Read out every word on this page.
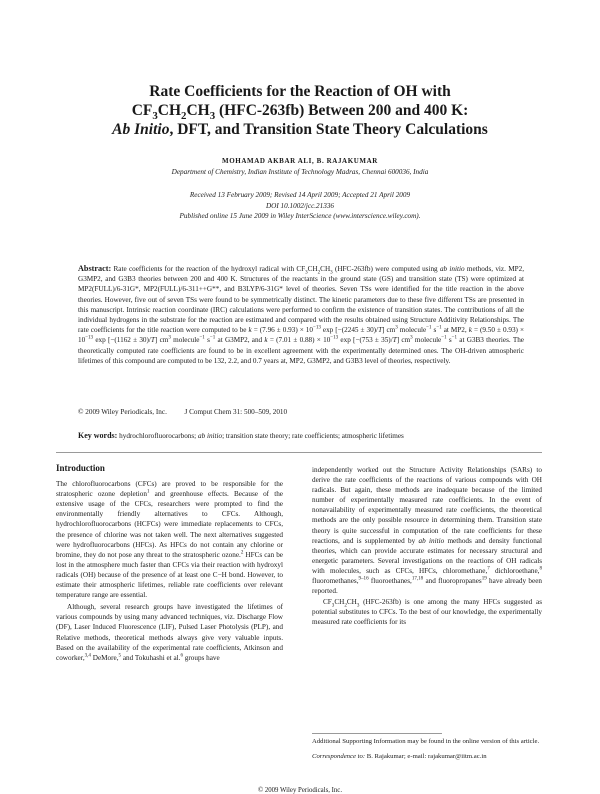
Rate Coefficients for the Reaction of OH with
$CF_3CH_2CH_3$ (HFC-263fb) Between 200 and 400 K:
Ab Initio, DFT, and Transition State Theory Calculations
MOHAMAD AKBAR ALI, B. RAJAKUMAR
Department of Chemistry, Indian Institute of Technology Madras, Chennai 600036, India
Received 13 February 2009; Revised 14 April 2009; Accepted 21 April 2009
DOI 10.1002/jcc.21336
Published online 15 June 2009 in Wiley InterScience (www.interscience.wiley.com).
Abstract: Rate coefficients for the reaction of the hydroxyl radical with $CF_3CH_2CH_3$ (HFC-263fb) were computed using ab initio methods, viz. MP2, G3MP2, and G3B3 theories between 200 and 400 K. Structures of the reactants in the ground state (GS) and transition state (TS) were optimized at MP2(FULL)/6-31G*, MP2(FULL)/6-311++G**, and B3LYP/6-31G* level of theories. Seven TSs were identified for the title reaction in the above theories. However, five out of seven TSs were found to be symmetrically distinct. The kinetic parameters due to these five different TSs are presented in this manuscript. Intrinsic reaction coordinate (IRC) calculations were performed to confirm the existence of transition states. The contributions of all the individual hydrogens in the substrate for the reaction are estimated and compared with the results obtained using Structure Additivity Relationships. The rate coefficients for the title reaction were computed to be $k = (7.96 \pm 0.93) \times 10^{-13}$ exp [−(2245 ± 30)/T] $cm^3$ molecule$^{-1}$ $s^{-1}$ at MP2, $k = (9.50 \pm 0.93) \times 10^{-13}$ exp [−(1162 ± 30)/T] $cm^3$ molecule$^{-1}$ $s^{-1}$ at G3MP2, and $k = (7.01 \pm 0.88) \times 10^{-13}$ exp [−(753 ± 35)/T] $cm^3$ molecule$^{-1}$ $s^{-1}$ at G3B3 theories. The theoretically computed rate coefficients are found to be in excellent agreement with the experimentally determined ones. The OH-driven atmospheric lifetimes of this compound are computed to be 132, 2.2, and 0.7 years at, MP2, G3MP2, and G3B3 level of theories, respectively.
© 2009 Wiley Periodicals, Inc. J Comput Chem 31: 500–509, 2010
Key words: hydrochlorofluorocarbons; ab initio; transition state theory; rate coefficients; atmospheric lifetimes
Introduction

The chlorofluorocarbons (CFCs) are proved to be responsible for the stratospheric ozone depletion$^1$ and greenhouse effects. Because of the extensive usage of the CFCs, researchers were prompted to find the environmentally friendly alternatives to CFCs. Although, hydrochlorofluorocarbons (HCFCs) were immediate replacements to CFCs, the presence of chlorine was not taken well. The next alternatives suggested were hydrofluorocarbons (HFCs). As HFCs do not contain any chlorine or bromine, they do not pose any threat to the stratospheric ozone.$^2$ HFCs can be lost in the atmosphere much faster than CFCs via their reaction with hydroxyl radicals (OH) because of the presence of at least one C−H bond. However, to estimate their atmospheric lifetimes, reliable rate coefficients over relevant temperature range are essential.

Although, several research groups have investigated the lifetimes of various compounds by using many advanced techniques, viz. Discharge Flow (DF), Laser Induced Fluorescence (LIF), Pulsed Laser Photolysis (PLP), and Relative methods, theoretical methods always give very valuable inputs. Based on the availability of the experimental rate coefficients, Atkinson and coworker,$^{3,4}$ DeMore,$^5$ and Tokuhashi et al.$^6$ groups have

independently worked out the Structure Activity Relationships (SARs) to derive the rate coefficients of the reactions of various compounds with OH radicals. But again, these methods are inadequate because of the limited number of experimentally measured rate coefficients. In the event of nonavailability of experimentally measured rate coefficients, the theoretical methods are the only possible resource in determining them. Transition state theory is quite successful in computation of the rate coefficients for these reactions, and is supplemented by ab initio methods and density functional theories, which can provide accurate estimates for necessary structural and energetic parameters. Several investigations on the reactions of OH radicals with molecules, such as CFCs, HFCs, chloromethane,$^7$ dichloroethane,$^8$ fluoromethanes,$^{9-16}$ fluoroethanes,$^{17,18}$ and fluoropropanes$^{19}$ have already been reported.

$CF_3CH_2CH_3$ (HFC-263fb) is one among the many HFCs suggested as potential substitutes to CFCs. To the best of our knowledge, the experimentally measured rate coefficients for its

Additional Supporting Information may be found in the online version of this article.
Correspondence to: B. Rajakumar; e-mail: rajakumar@iitm.ac.in
© 2009 Wiley Periodicals, Inc.
